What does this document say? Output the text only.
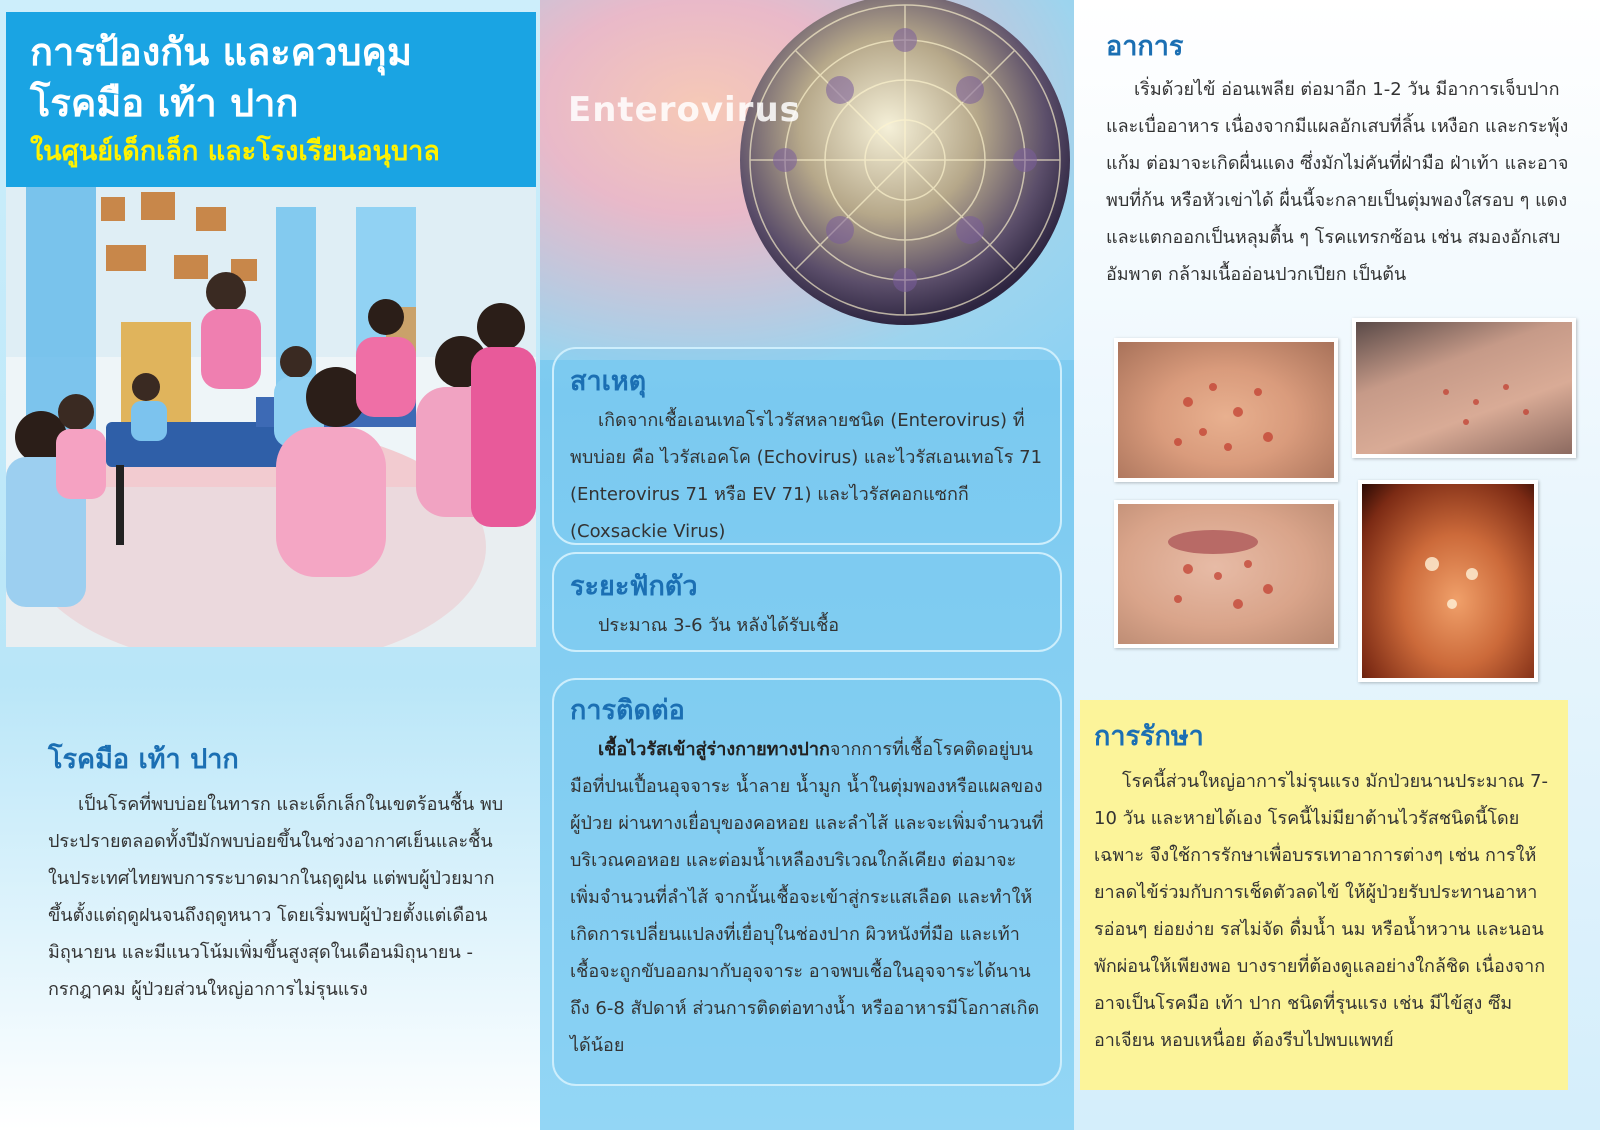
การป้องกัน และควบคุม
โรคมือ เท้า ปาก
ในศูนย์เด็กเล็ก และโรงเรียนอนุบาล
โรคมือ เท้า ปาก
เป็นโรคที่พบบ่อยในทารก และเด็กเล็กในเขตร้อนชื้น พบประปรายตลอดทั้งปีมักพบบ่อยขึ้นในช่วงอากาศเย็นและชื้น ในประเทศไทยพบการระบาดมากในฤดูฝน แต่พบผู้ป่วยมากขึ้นตั้งแต่ฤดูฝนจนถึงฤดูหนาว โดยเริ่มพบผู้ป่วยตั้งแต่เดือนมิถุนายน และมีแนวโน้มเพิ่มขึ้นสูงสุดในเดือนมิถุนายน - กรกฎาคม ผู้ป่วยส่วนใหญ่อาการไม่รุนแรง
Enterovirus
สาเหตุ
เกิดจากเชื้อเอนเทอโรไวรัสหลายชนิด (Enterovirus) ที่พบบ่อย คือ ไวรัสเอคโค (Echovirus) และไวรัสเอนเทอโร 71 (Enterovirus 71 หรือ EV 71) และไวรัสคอกแซกกี (Coxsackie Virus)
ระยะฟักตัว
ประมาณ 3-6 วัน หลังได้รับเชื้อ
การติดต่อ
เชื้อไวรัสเข้าสู่ร่างกายทางปากจากการที่เชื้อโรคติดอยู่บนมือที่ปนเปื้อนอุจจาระ น้ำลาย น้ำมูก น้ำในตุ่มพองหรือแผลของผู้ป่วย ผ่านทางเยื่อบุของคอหอย และลำไส้ และจะเพิ่มจำนวนที่บริเวณคอหอย และต่อมน้ำเหลืองบริเวณใกล้เคียง ต่อมาจะเพิ่มจำนวนที่ลำไส้ จากนั้นเชื้อจะเข้าสู่กระแสเลือด และทำให้เกิดการเปลี่ยนแปลงที่เยื่อบุในช่องปาก ผิวหนังที่มือ และเท้า เชื้อจะถูกขับออกมากับอุจจาระ อาจพบเชื้อในอุจจาระได้นานถึง 6-8 สัปดาห์ ส่วนการติดต่อทางน้ำ หรืออาหารมีโอกาสเกิดได้น้อย
อาการ
เริ่มด้วยไข้ อ่อนเพลีย ต่อมาอีก 1-2 วัน มีอาการเจ็บปาก และเบื่ออาหาร เนื่องจากมีแผลอักเสบที่ลิ้น เหงือก และกระพุ้งแก้ม ต่อมาจะเกิดผื่นแดง ซึ่งมักไม่คันที่ฝ่ามือ ฝ่าเท้า และอาจพบที่ก้น หรือหัวเข่าได้ ผื่นนี้จะกลายเป็นตุ่มพองใสรอบ ๆ แดง และแตกออกเป็นหลุมตื้น ๆ โรคแทรกซ้อน เช่น สมองอักเสบ อัมพาต กล้ามเนื้ออ่อนปวกเปียก เป็นต้น
การรักษา
โรคนี้ส่วนใหญ่อาการไม่รุนแรง มักป่วยนานประมาณ 7-10 วัน และหายได้เอง โรคนี้ไม่มียาต้านไวรัสชนิดนี้โดยเฉพาะ จึงใช้การรักษาเพื่อบรรเทาอาการต่างๆ เช่น การให้ยาลดไข้ร่วมกับการเช็ดตัวลดไข้ ให้ผู้ป่วยรับประทานอาหารอ่อนๆ ย่อยง่าย รสไม่จัด ดื่มน้ำ นม หรือน้ำหวาน และนอนพักผ่อนให้เพียงพอ บางรายที่ต้องดูแลอย่างใกล้ชิด เนื่องจากอาจเป็นโรคมือ เท้า ปาก ชนิดที่รุนแรง เช่น มีไข้สูง ซึม อาเจียน หอบเหนื่อย ต้องรีบไปพบแพทย์
